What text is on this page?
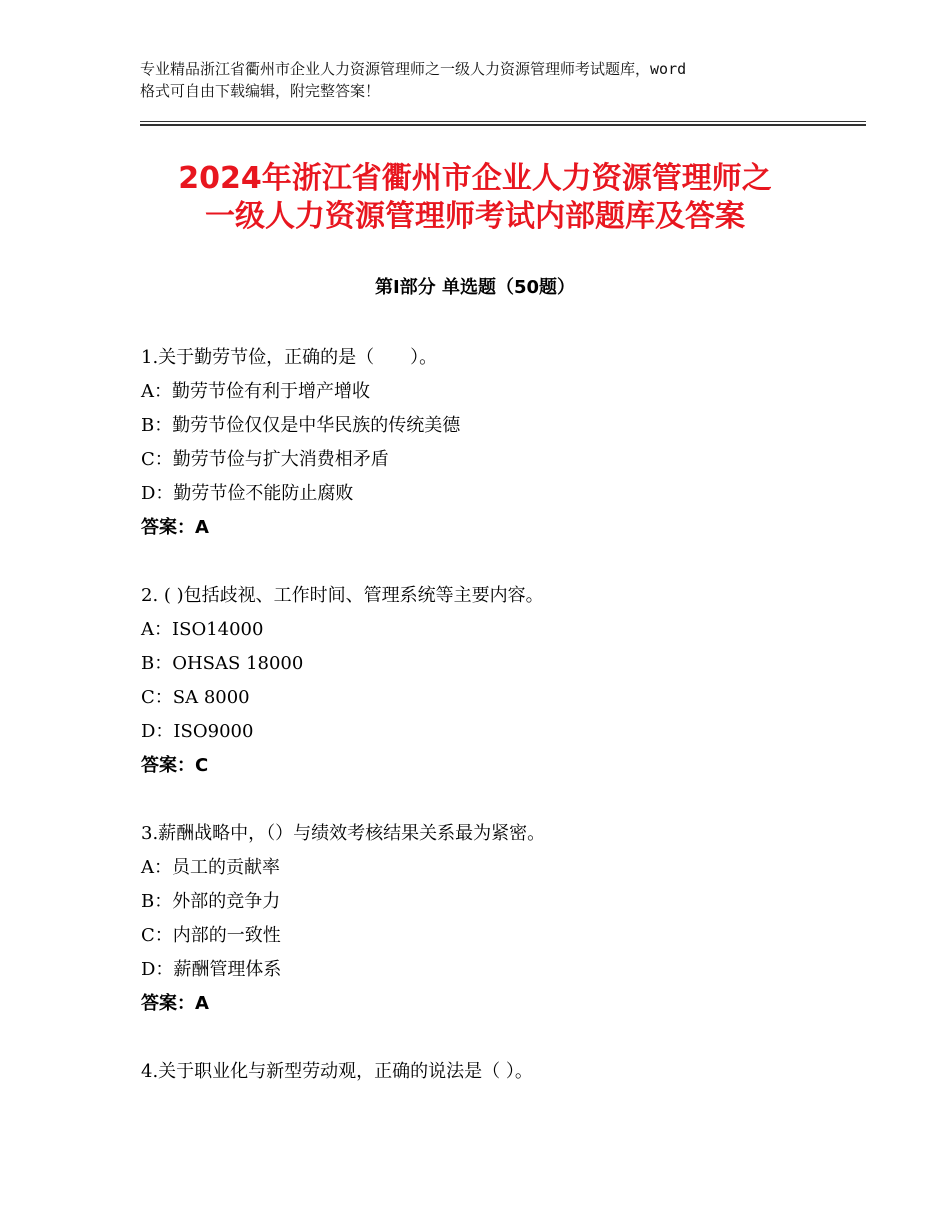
专业精品浙江省衢州市企业人力资源管理师之一级人力资源管理师考试题库，word
格式可自由下载编辑，附完整答案！
2024年浙江省衢州市企业人力资源管理师之
一级人力资源管理师考试内部题库及答案
第Ⅰ部分 单选题（50题）
1.关于勤劳节俭，正确的是（　　）。
A：勤劳节俭有利于增产增收
B：勤劳节俭仅仅是中华民族的传统美德
C：勤劳节俭与扩大消费相矛盾
D：勤劳节俭不能防止腐败
答案：A
2. ( )包括歧视、工作时间、管理系统等主要内容。
A：ISO14000
B：OHSAS 18000
C：SA 8000
D：ISO9000
答案：C
3.薪酬战略中，（）与绩效考核结果关系最为紧密。
A：员工的贡献率
B：外部的竞争力
C：内部的一致性
D：薪酬管理体系
答案：A
4.关于职业化与新型劳动观，正确的说法是（ ）。
